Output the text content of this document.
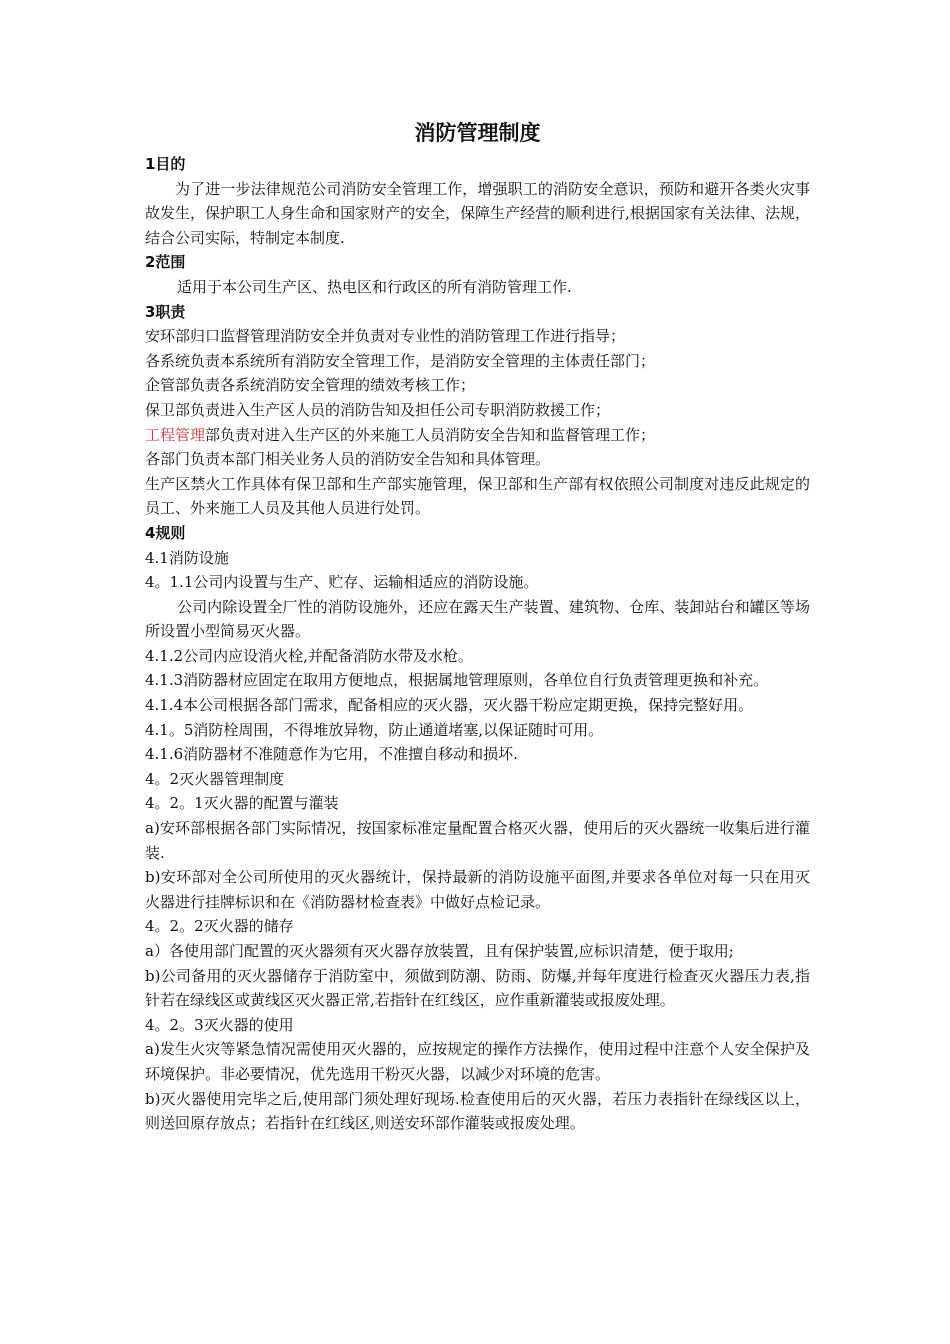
消防管理制度
1目的

为了进一步法律规范公司消防安全管理工作，增强职工的消防安全意识，预防和避开各类火灾事故发生，保护职工人身生命和国家财产的安全，保障生产经营的顺利进行,根据国家有关法律、法规，结合公司实际，特制定本制度.

2范围

适用于本公司生产区、热电区和行政区的所有消防管理工作.

3职责

安环部归口监督管理消防安全并负责对专业性的消防管理工作进行指导；

各系统负责本系统所有消防安全管理工作，是消防安全管理的主体责任部门；

企管部负责各系统消防安全管理的绩效考核工作；

保卫部负责进入生产区人员的消防告知及担任公司专职消防救援工作；

工程管理部负责对进入生产区的外来施工人员消防安全告知和监督管理工作；

各部门负责本部门相关业务人员的消防安全告知和具体管理。

生产区禁火工作具体有保卫部和生产部实施管理，保卫部和生产部有权依照公司制度对违反此规定的员工、外来施工人员及其他人员进行处罚。

4规则

4.1消防设施

4。1.1公司内设置与生产、贮存、运输相适应的消防设施。

公司内除设置全厂性的消防设施外，还应在露天生产装置、建筑物、仓库、装卸站台和罐区等场所设置小型简易灭火器。

4.1.2公司内应设消火栓,并配备消防水带及水枪。

4.1.3消防器材应固定在取用方便地点，根据属地管理原则，各单位自行负责管理更换和补充。

4.1.4本公司根据各部门需求，配备相应的灭火器，灭火器干粉应定期更换，保持完整好用。

4.1。5消防栓周围，不得堆放异物，防止通道堵塞,以保证随时可用。

4.1.6消防器材不准随意作为它用，不准擅自移动和损坏.

4。2灭火器管理制度

4。2。1灭火器的配置与灌装

a)安环部根据各部门实际情况，按国家标准定量配置合格灭火器，使用后的灭火器统一收集后进行灌装.

b)安环部对全公司所使用的灭火器统计，保持最新的消防设施平面图,并要求各单位对每一只在用灭火器进行挂牌标识和在《消防器材检查表》中做好点检记录。

4。2。2灭火器的储存

a）各使用部门配置的灭火器须有灭火器存放装置，且有保护装置,应标识清楚，便于取用;

b)公司备用的灭火器储存于消防室中，须做到防潮、防雨、防爆,并每年度进行检查灭火器压力表,指针若在绿线区或黄线区灭火器正常,若指针在红线区，应作重新灌装或报废处理。

4。2。3灭火器的使用

a)发生火灾等紧急情况需使用灭火器的，应按规定的操作方法操作，使用过程中注意个人安全保护及环境保护。非必要情况，优先选用干粉灭火器，以减少对环境的危害。

b)灭火器使用完毕之后,使用部门须处理好现场.检查使用后的灭火器，若压力表指针在绿线区以上，则送回原存放点；若指针在红线区,则送安环部作灌装或报废处理。
